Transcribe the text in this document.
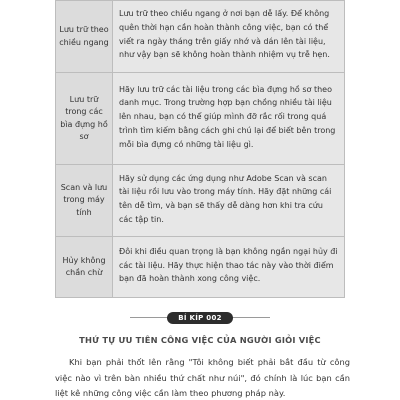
Lưu trữ theo chiều ngang	Lưu trữ theo chiều ngang ở nơi bạn dễ lấy. Để không quên thời hạn cần hoàn thành công việc, bạn có thể viết ra ngày tháng trên giấy nhớ và dán lên tài liệu, như vậy bạn sẽ không hoàn thành nhiệm vụ trễ hẹn.
Lưu trữ trong các bìa đựng hồ sơ	Hãy lưu trữ các tài liệu trong các bìa đựng hồ sơ theo danh mục. Trong trường hợp bạn chồng nhiều tài liệu lên nhau, bạn có thể giúp mình đỡ rắc rối trong quá trình tìm kiếm bằng cách ghi chú lại để biết bên trong mỗi bìa đựng có những tài liệu gì.
Scan và lưu trong máy tính	Hãy sử dụng các ứng dụng như Adobe Scan và scan tài liệu rồi lưu vào trong máy tính. Hãy đặt những cái tên dễ tìm, và bạn sẽ thấy dễ dàng hơn khi tra cứu các tập tin.
Hủy không chần chừ	Đôi khi điều quan trọng là bạn không ngần ngại hủy đi các tài liệu. Hãy thực hiện thao tác này vào thời điểm bạn đã hoàn thành xong công việc.
BÍ KÍP 002
THỨ TỰ ƯU TIÊN CÔNG VIỆC CỦA NGƯỜI GIỎI VIỆC

Khi bạn phải thốt lên rằng "Tôi không biết phải bắt đầu từ công việc nào vì trên bàn nhiều thứ chất như núi", đó chính là lúc bạn cần liệt kê những công việc cần làm theo phương pháp này.
